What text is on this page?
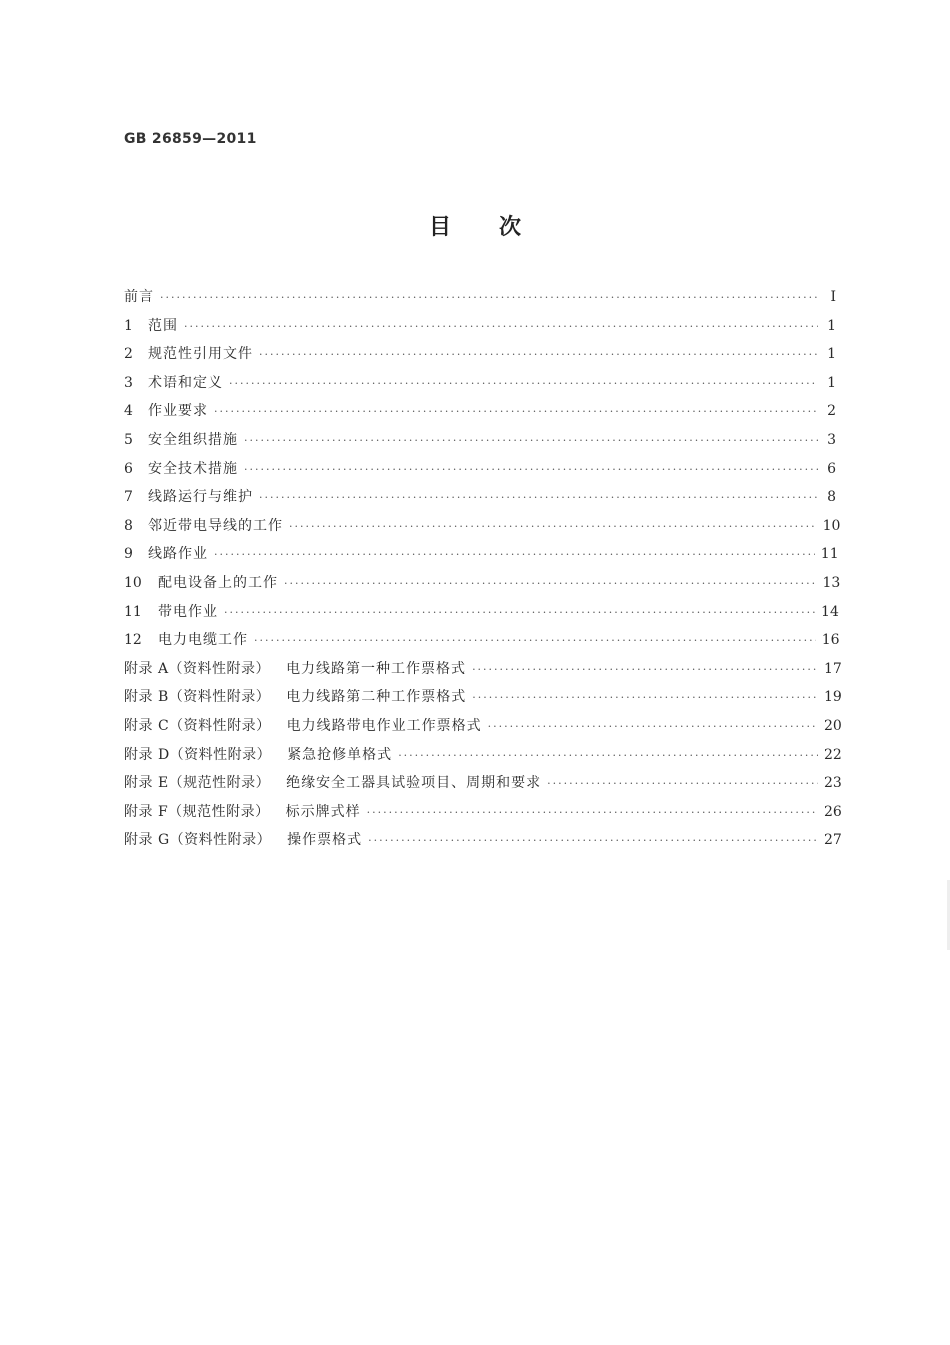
GB 26859—2011
目次
前言 ·····	I
1	范围 ·····	1
2	规范性引用文件 ·····	1
3	术语和定义 ·····	1
4	作业要求 ·····	2
5	安全组织措施 ·····	3
6	安全技术措施 ·····	6
7	线路运行与维护 ·····	8
8	邻近带电导线的工作 ·····	10
9	线路作业 ·····	11
10	配电设备上的工作 ·····	13
11	带电作业 ·····	14
12	电力电缆工作 ·····	16
附录 A（资料性附录） 电力线路第一种工作票格式 ·····	17
附录 B（资料性附录） 电力线路第二种工作票格式 ·····	19
附录 C（资料性附录） 电力线路带电作业工作票格式 ·····	20
附录 D（资料性附录） 紧急抢修单格式 ·····	22
附录 E（规范性附录） 绝缘安全工器具试验项目、周期和要求 ·····	23
附录 F（规范性附录） 标示牌式样 ·····	26
附录 G（资料性附录） 操作票格式 ·····	27
